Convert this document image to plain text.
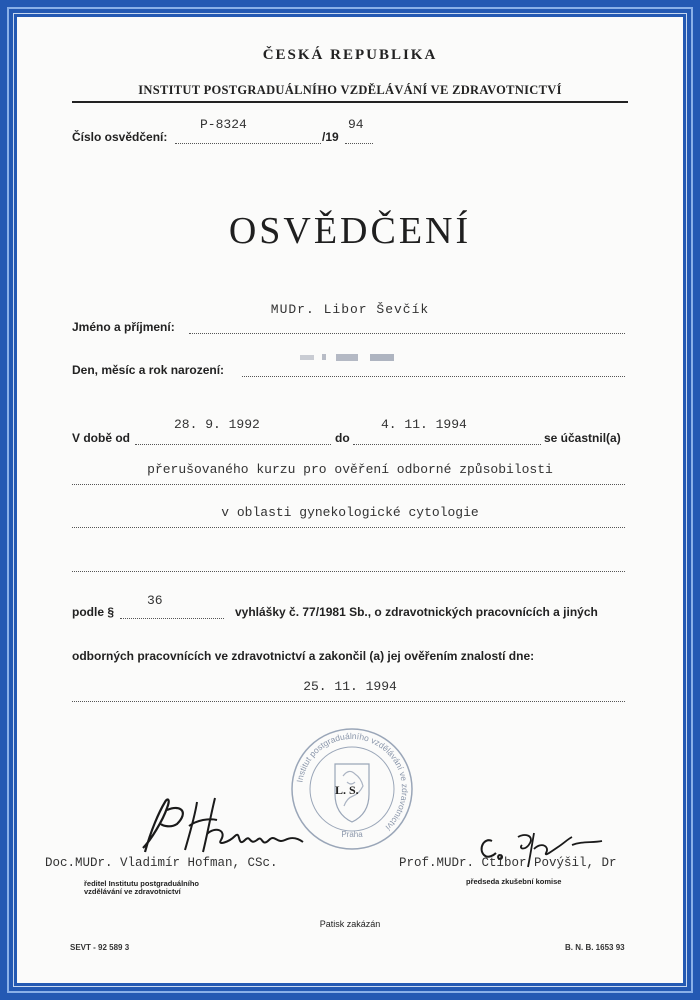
ČESKÁ REPUBLIKA
INSTITUT POSTGRADUÁLNÍHO VZDĚLÁVÁNÍ VE ZDRAVOTNICTVÍ
Číslo osvědčení:
P-8324
/19
94
OSVĚDČENÍ
MUDr. Libor Ševčík
Jméno a příjmení:
Den, měsíc a rok narození:
V době od
28. 9. 1992
do
4. 11. 1994
se účastnil(a)
přerušovaného kurzu pro ověření odborné způsobilosti
v oblasti gynekologické cytologie
36
podle §	vyhlášky č. 77/1981 Sb., o zdravotnických pracovnících a jiných
odborných pracovnících ve zdravotnictví a zakončil (a) jej ověřením znalostí dne:
25. 11. 1994
Institut postgraduálního vzdělávání ve zdravotnictví
Praha
L. S.
Doc.MUDr. Vladimír Hofman, CSc.
ředitel Institutu postgraduálního
vzdělávání ve zdravotnictví
Prof.MUDr. Ctibor Povýšil, Dr
předseda zkušební komise
Patisk zakázán
SEVT - 92 589 3	B. N. B. 1653 93
